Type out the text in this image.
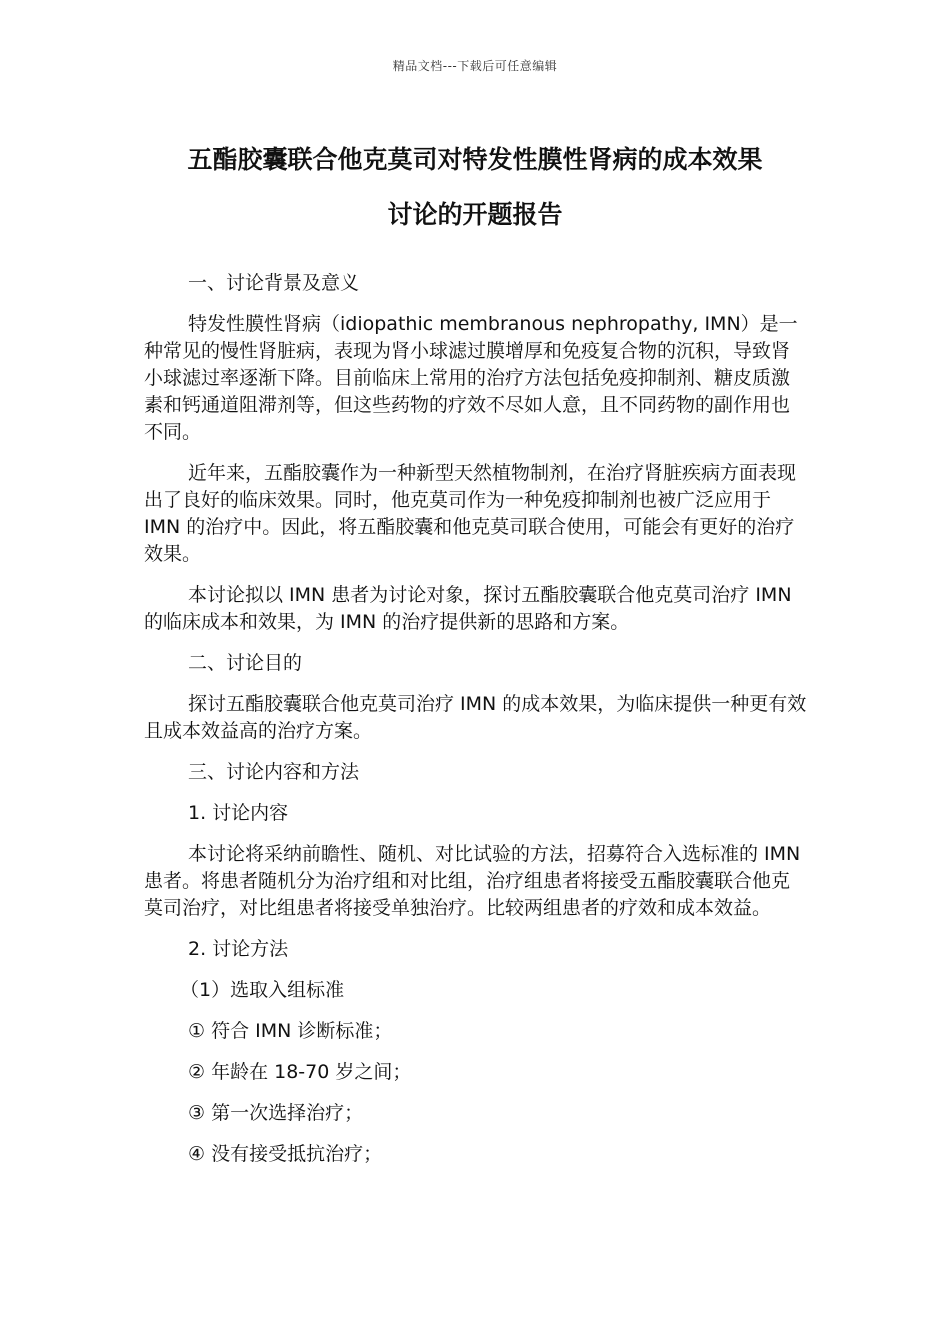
精品文档---下载后可任意编辑
五酯胶囊联合他克莫司对特发性膜性肾病的成本效果
讨论的开题报告

一、讨论背景及意义

特发性膜性肾病（idiopathic membranous nephropathy, IMN）是一种常见的慢性肾脏病，表现为肾小球滤过膜增厚和免疫复合物的沉积，导致肾小球滤过率逐渐下降。目前临床上常用的治疗方法包括免疫抑制剂、糖皮质激素和钙通道阻滞剂等，但这些药物的疗效不尽如人意，且不同药物的副作用也不同。

近年来，五酯胶囊作为一种新型天然植物制剂，在治疗肾脏疾病方面表现出了良好的临床效果。同时，他克莫司作为一种免疫抑制剂也被广泛应用于 IMN 的治疗中。因此，将五酯胶囊和他克莫司联合使用，可能会有更好的治疗效果。

本讨论拟以 IMN 患者为讨论对象，探讨五酯胶囊联合他克莫司治疗 IMN 的临床成本和效果，为 IMN 的治疗提供新的思路和方案。

二、讨论目的

探讨五酯胶囊联合他克莫司治疗 IMN 的成本效果，为临床提供一种更有效且成本效益高的治疗方案。

三、讨论内容和方法

1. 讨论内容

本讨论将采纳前瞻性、随机、对比试验的方法，招募符合入选标准的 IMN 患者。将患者随机分为治疗组和对比组，治疗组患者将接受五酯胶囊联合他克莫司治疗，对比组患者将接受单独治疗。比较两组患者的疗效和成本效益。

2. 讨论方法

（1）选取入组标准

① 符合 IMN 诊断标准；

② 年龄在 18-70 岁之间；

③ 第一次选择治疗；

④ 没有接受抵抗治疗；
